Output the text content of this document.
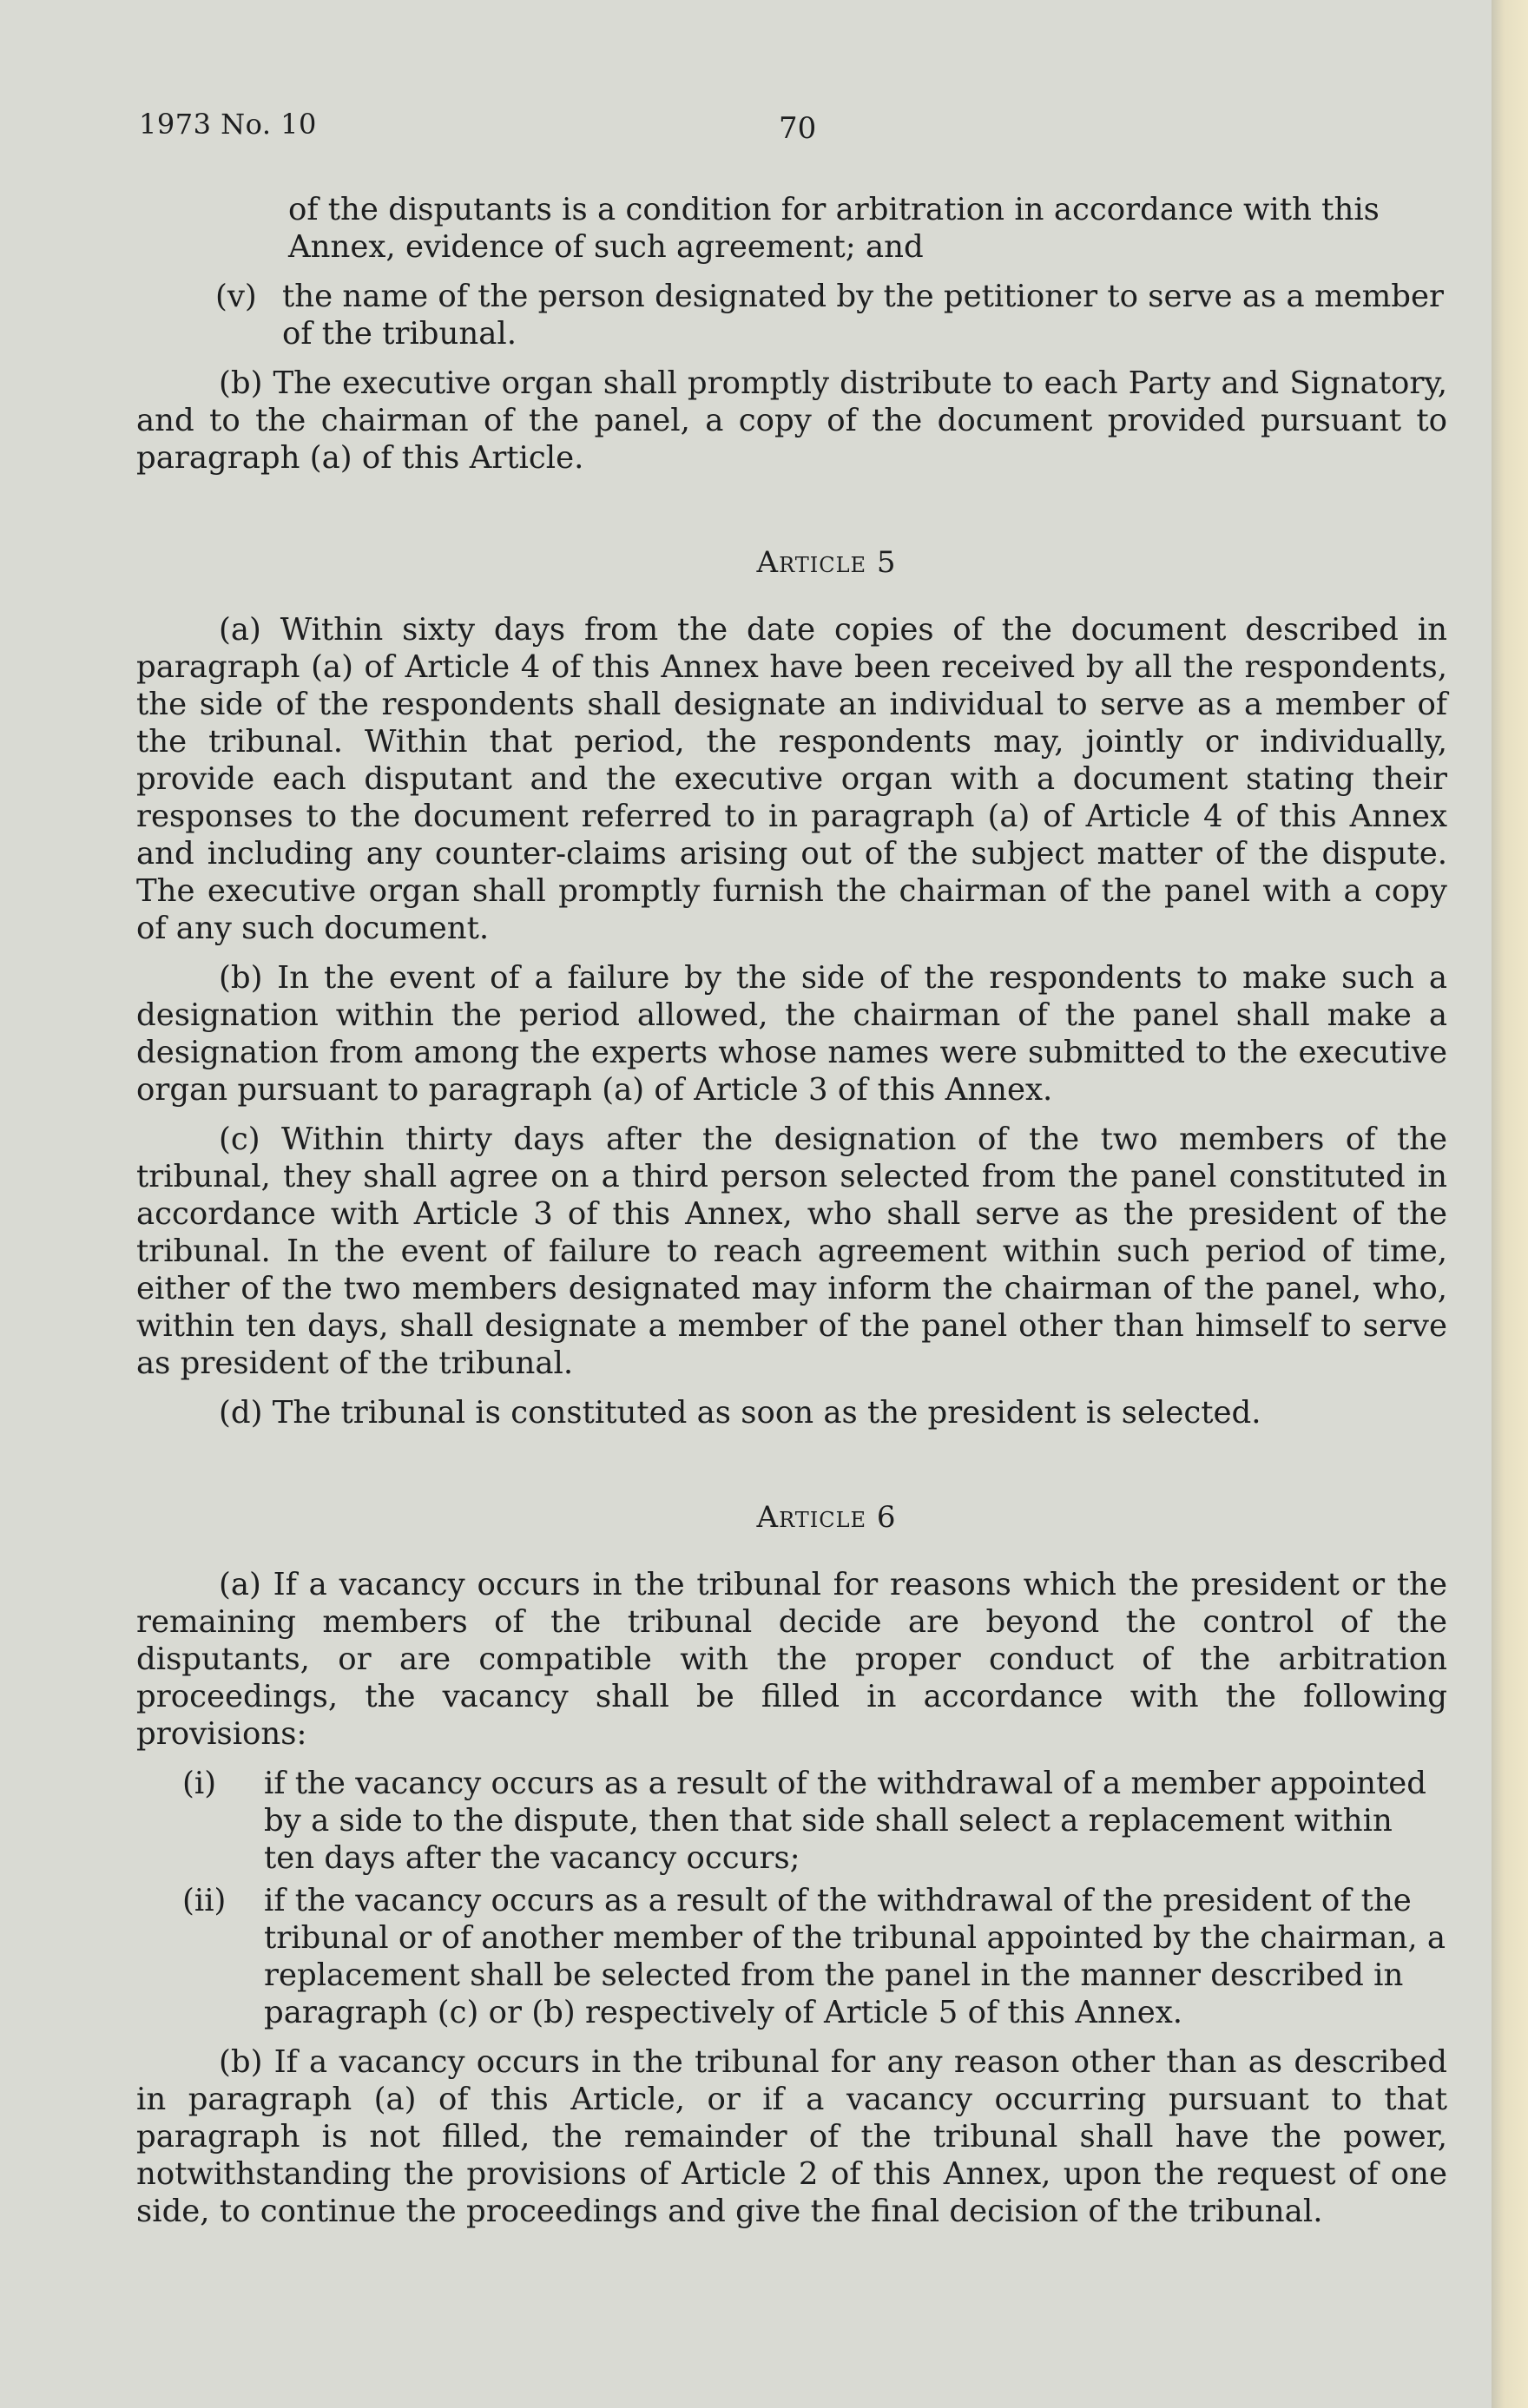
1973 No. 10	70

of the disputants is a condition for arbitration in accordance with this Annex, evidence of such agreement; and

(v) the name of the person designated by the petitioner to serve as a member of the tribunal.

(b) The executive organ shall promptly distribute to each Party and Signatory, and to the chairman of the panel, a copy of the document provided pursuant to paragraph (a) of this Article.

Article 5

(a) Within sixty days from the date copies of the document described in paragraph (a) of Article 4 of this Annex have been received by all the respondents, the side of the respondents shall designate an individual to serve as a member of the tribunal. Within that period, the respondents may, jointly or individually, provide each disputant and the executive organ with a document stating their responses to the document referred to in paragraph (a) of Article 4 of this Annex and including any counter-claims arising out of the subject matter of the dispute. The executive organ shall promptly furnish the chairman of the panel with a copy of any such document.

(b) In the event of a failure by the side of the respondents to make such a designation within the period allowed, the chairman of the panel shall make a designation from among the experts whose names were submitted to the executive organ pursuant to paragraph (a) of Article 3 of this Annex.

(c) Within thirty days after the designation of the two members of the tribunal, they shall agree on a third person selected from the panel constituted in accordance with Article 3 of this Annex, who shall serve as the president of the tribunal. In the event of failure to reach agreement within such period of time, either of the two members designated may inform the chairman of the panel, who, within ten days, shall designate a member of the panel other than himself to serve as president of the tribunal.

(d) The tribunal is constituted as soon as the president is selected.

Article 6

(a) If a vacancy occurs in the tribunal for reasons which the president or the remaining members of the tribunal decide are beyond the control of the disputants, or are compatible with the proper conduct of the arbitration proceedings, the vacancy shall be filled in accordance with the following provisions:

(i)	if the vacancy occurs as a result of the withdrawal of a member appointed by a side to the dispute, then that side shall select a replacement within ten days after the vacancy occurs;
(ii)	if the vacancy occurs as a result of the withdrawal of the president of the tribunal or of another member of the tribunal appointed by the chairman, a replacement shall be selected from the panel in the manner described in paragraph (c) or (b) respectively of Article 5 of this Annex.

(b) If a vacancy occurs in the tribunal for any reason other than as described in paragraph (a) of this Article, or if a vacancy occurring pursuant to that paragraph is not filled, the remainder of the tribunal shall have the power, notwithstanding the provisions of Article 2 of this Annex, upon the request of one side, to continue the proceedings and give the final decision of the tribunal.
